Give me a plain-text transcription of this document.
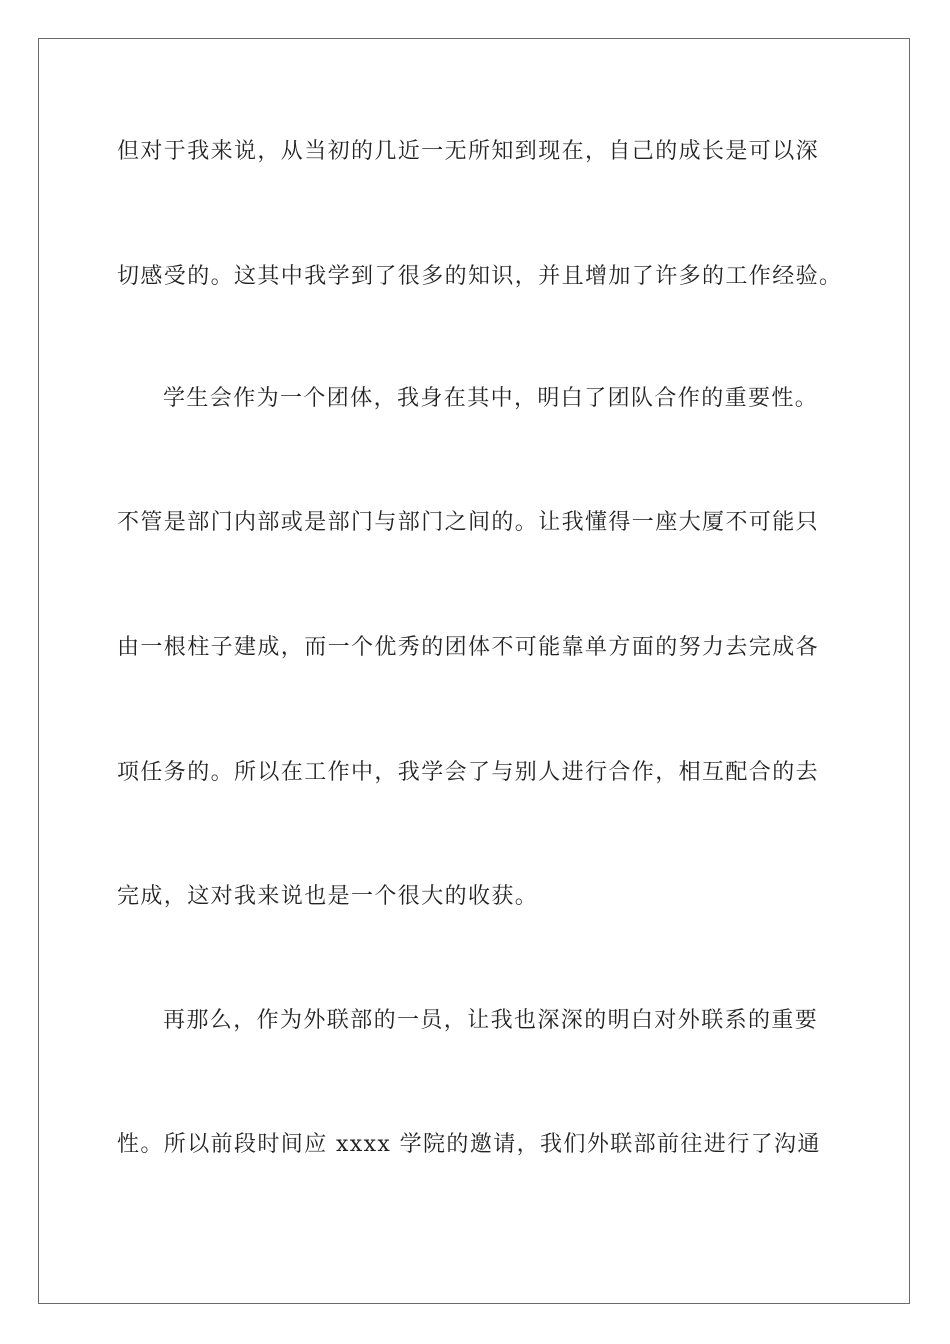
但对于我来说，从当初的几近一无所知到现在，自己的成长是可以深
切感受的。这其中我学到了很多的知识，并且增加了许多的工作经验。
学生会作为一个团体，我身在其中，明白了团队合作的重要性。
不管是部门内部或是部门与部门之间的。让我懂得一座大厦不可能只
由一根柱子建成，而一个优秀的团体不可能靠单方面的努力去完成各
项任务的。所以在工作中，我学会了与别人进行合作，相互配合的去
完成，这对我来说也是一个很大的收获。
再那么，作为外联部的一员，让我也深深的明白对外联系的重要
性。所以前段时间应 xxxx 学院的邀请，我们外联部前往进行了沟通
